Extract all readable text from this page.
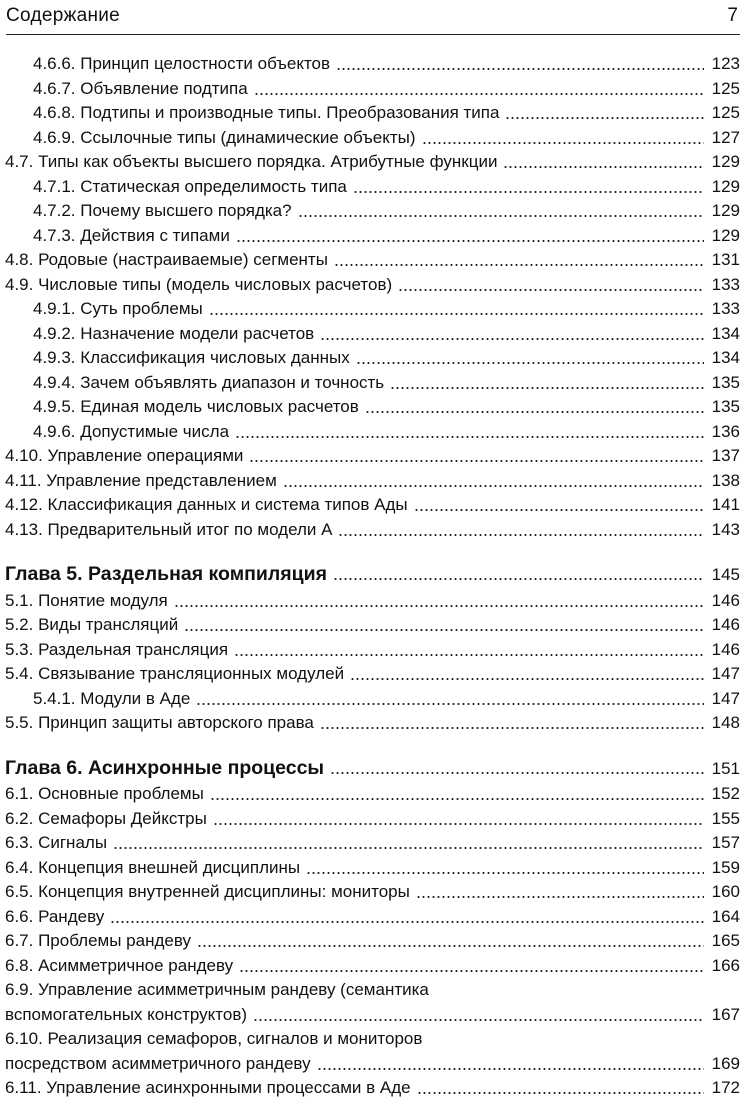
Содержание	7
4.6.6. Принцип целостности объектов	123
4.6.7. Объявление подтипа	125
4.6.8. Подтипы и производные типы. Преобразования типа	125
4.6.9. Ссылочные типы (динамические объекты)	127
4.7. Типы как объекты высшего порядка. Атрибутные функции	129
4.7.1. Статическая определимость типа	129
4.7.2. Почему высшего порядка?	129
4.7.3. Действия с типами	129
4.8. Родовые (настраиваемые) сегменты	131
4.9. Числовые типы (модель числовых расчетов)	133
4.9.1. Суть проблемы	133
4.9.2. Назначение модели расчетов	134
4.9.3. Классификация числовых данных	134
4.9.4. Зачем объявлять диапазон и точность	135
4.9.5. Единая модель числовых расчетов	135
4.9.6. Допустимые числа	136
4.10. Управление операциями	137
4.11. Управление представлением	138
4.12. Классификация данных и система типов Ады	141
4.13. Предварительный итог по модели А	143
Глава 5. Раздельная компиляция	145
5.1. Понятие модуля	146
5.2. Виды трансляций	146
5.3. Раздельная трансляция	146
5.4. Связывание трансляционных модулей	147
5.4.1. Модули в Аде	147
5.5. Принцип защиты авторского права	148
Глава 6. Асинхронные процессы	151
6.1. Основные проблемы	152
6.2. Семафоры Дейкстры	155
6.3. Сигналы	157
6.4. Концепция внешней дисциплины	159
6.5. Концепция внутренней дисциплины: мониторы	160
6.6. Рандеву	164
6.7. Проблемы рандеву	165
6.8. Асимметричное рандеву	166
6.9. Управление асимметричным рандеву (семантика
вспомогательных конструктов)	167
6.10. Реализация семафоров, сигналов и мониторов
посредством асимметричного рандеву	169
6.11. Управление асинхронными процессами в Аде	172
